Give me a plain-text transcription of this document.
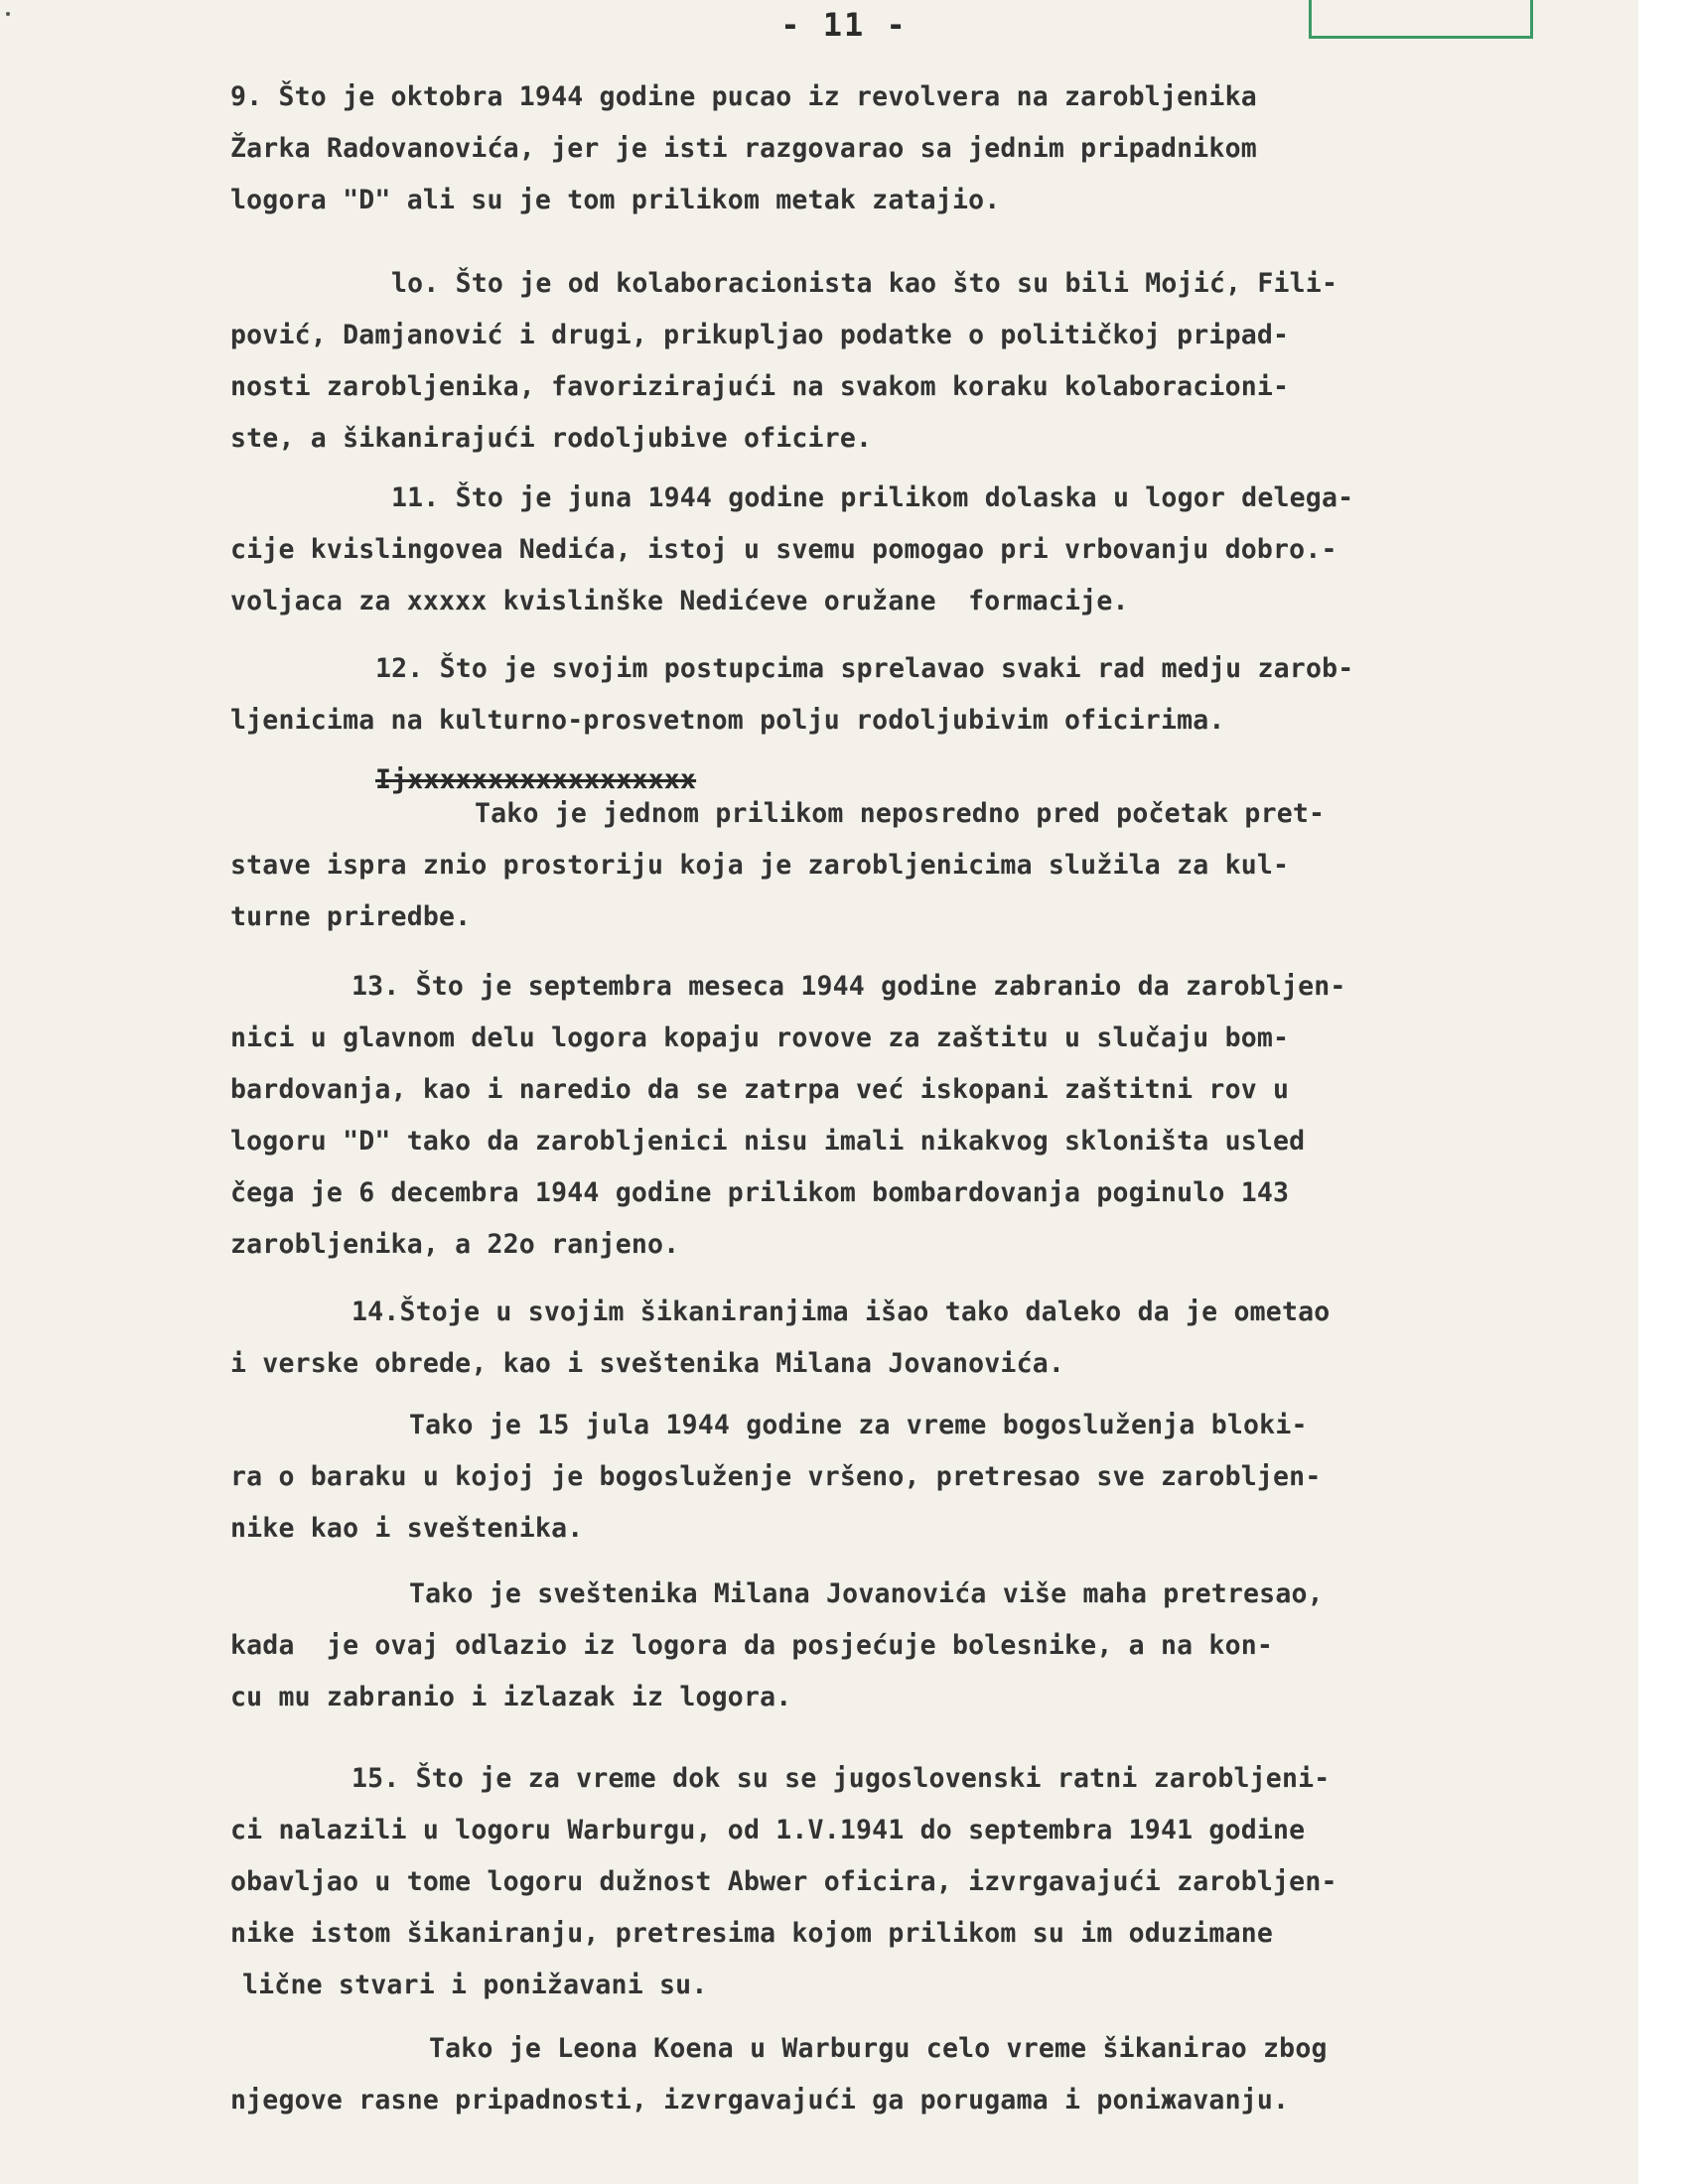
- 11 -

9. Što je oktobra 1944 godine pucao iz revolvera na zarobljenika

Žarka Radovanovića, jer je isti razgovarao sa jednim pripadnikom

logora "D" ali su je tom prilikom metak zatajio.

lo. Što je od kolaboracionista kao što su bili Mojić, Fili-

pović, Damjanović i drugi, prikupljao podatke o političkoj pripad-

nosti zarobljenika, favorizirajući na svakom koraku kolaboracioni-

ste, a šikanirajući rodoljubive oficire.

11. Što je juna 1944 godine prilikom dolaska u logor delega-

cije kvislingovea Nedića, istoj u svemu pomogao pri vrbovanju dobro.-

voljaca za xxxxx kvislinške Nedićeve oružane  formacije.

12. Što je svojim postupcima sprelavao svaki rad medju zarob-

ljenicima na kulturno-prosvetnom polju rodoljubivim oficirima.

Ijxxxxxxxxxxxxxxxxxx

Tako je jednom prilikom neposredno pred početak pret-

stave ispra znio prostoriju koja je zarobljenicima služila za kul-

turne priredbe.

13. Što je septembra meseca 1944 godine zabranio da zarobljen-

nici u glavnom delu logora kopaju rovove za zaštitu u slučaju bom-

bardovanja, kao i naredio da se zatrpa već iskopani zaštitni rov u

logoru "D" tako da zarobljenici nisu imali nikakvog skloništa usled

čega je 6 decembra 1944 godine prilikom bombardovanja poginulo 143

zarobljenika, a 22o ranjeno.

14.Štoje u svojim šikaniranjima išao tako daleko da je ometao

i verske obrede, kao i sveštenika Milana Jovanovića.

Tako je 15 jula 1944 godine za vreme bogosluženja bloki-

ra o baraku u kojoj je bogosluženje vršeno, pretresao sve zarobljen-

nike kao i sveštenika.

Tako je sveštenika Milana Jovanovića više maha pretresao,

kada  je ovaj odlazio iz logora da posjećuje bolesnike, a na kon-

cu mu zabranio i izlazak iz logora.

15. Što je za vreme dok su se jugoslovenski ratni zarobljeni-

ci nalazili u logoru Warburgu, od 1.V.1941 do septembra 1941 godine

obavljao u tome logoru dužnost Abwer oficira, izvrgavajući zarobljen-

nike istom šikaniranju, pretresima kojom prilikom su im oduzimane

lične stvari i ponižavani su.

Tako je Leona Koena u Warburgu celo vreme šikanirao zbog

njegove rasne pripadnosti, izvrgavajući ga porugama i poniжavanju.
